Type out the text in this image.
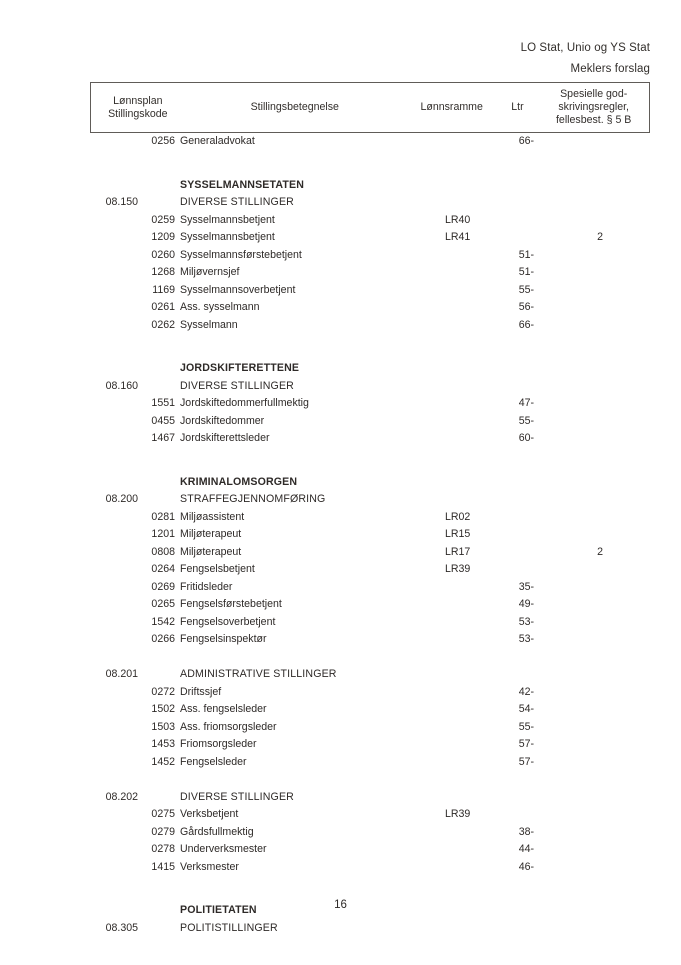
LO Stat, Unio og YS Stat
Meklers forslag
Lønnsplan
Stillingskode
Stillingsbetegnelse	Lønnsramme	Ltr
Spesielle god-
skrivingsregler,
fellesbest. § 5 B
0256 Generaladvokat	66-
SYSSELMANNSETATEN
08.150	DIVERSE STILLINGER
0259 Sysselmannsbetjent	LR40
1209 Sysselmannsbetjent	LR41	2
0260 Sysselmannsførstebetjent	51-
1268 Miljøvernsjef	51-
1169 Sysselmannsoverbetjent	55-
0261 Ass. sysselmann	56-
0262 Sysselmann	66-
JORDSKIFTERETTENE
08.160	DIVERSE STILLINGER
1551 Jordskiftedommerfullmektig	47-
0455 Jordskiftedommer	55-
1467 Jordskifterettsleder	60-
KRIMINALOMSORGEN
08.200	STRAFFEGJENNOMFØRING
0281 Miljøassistent	LR02
1201 Miljøterapeut	LR15
0808 Miljøterapeut	LR17	2
0264 Fengselsbetjent	LR39
0269 Fritidsleder	35-
0265 Fengselsførstebetjent	49-
1542 Fengselsoverbetjent	53-
0266 Fengselsinspektør	53-
08.201	ADMINISTRATIVE STILLINGER
0272 Driftssjef	42-
1502 Ass. fengselsleder	54-
1503 Ass. friomsorgsleder	55-
1453 Friomsorgsleder	57-
1452 Fengselsleder	57-
08.202	DIVERSE STILLINGER
0275 Verksbetjent	LR39
0279 Gårdsfullmektig	38-
0278 Underverksmester	44-
1415 Verksmester	46-
POLITIETATEN
08.305	POLITISTILLINGER
16
